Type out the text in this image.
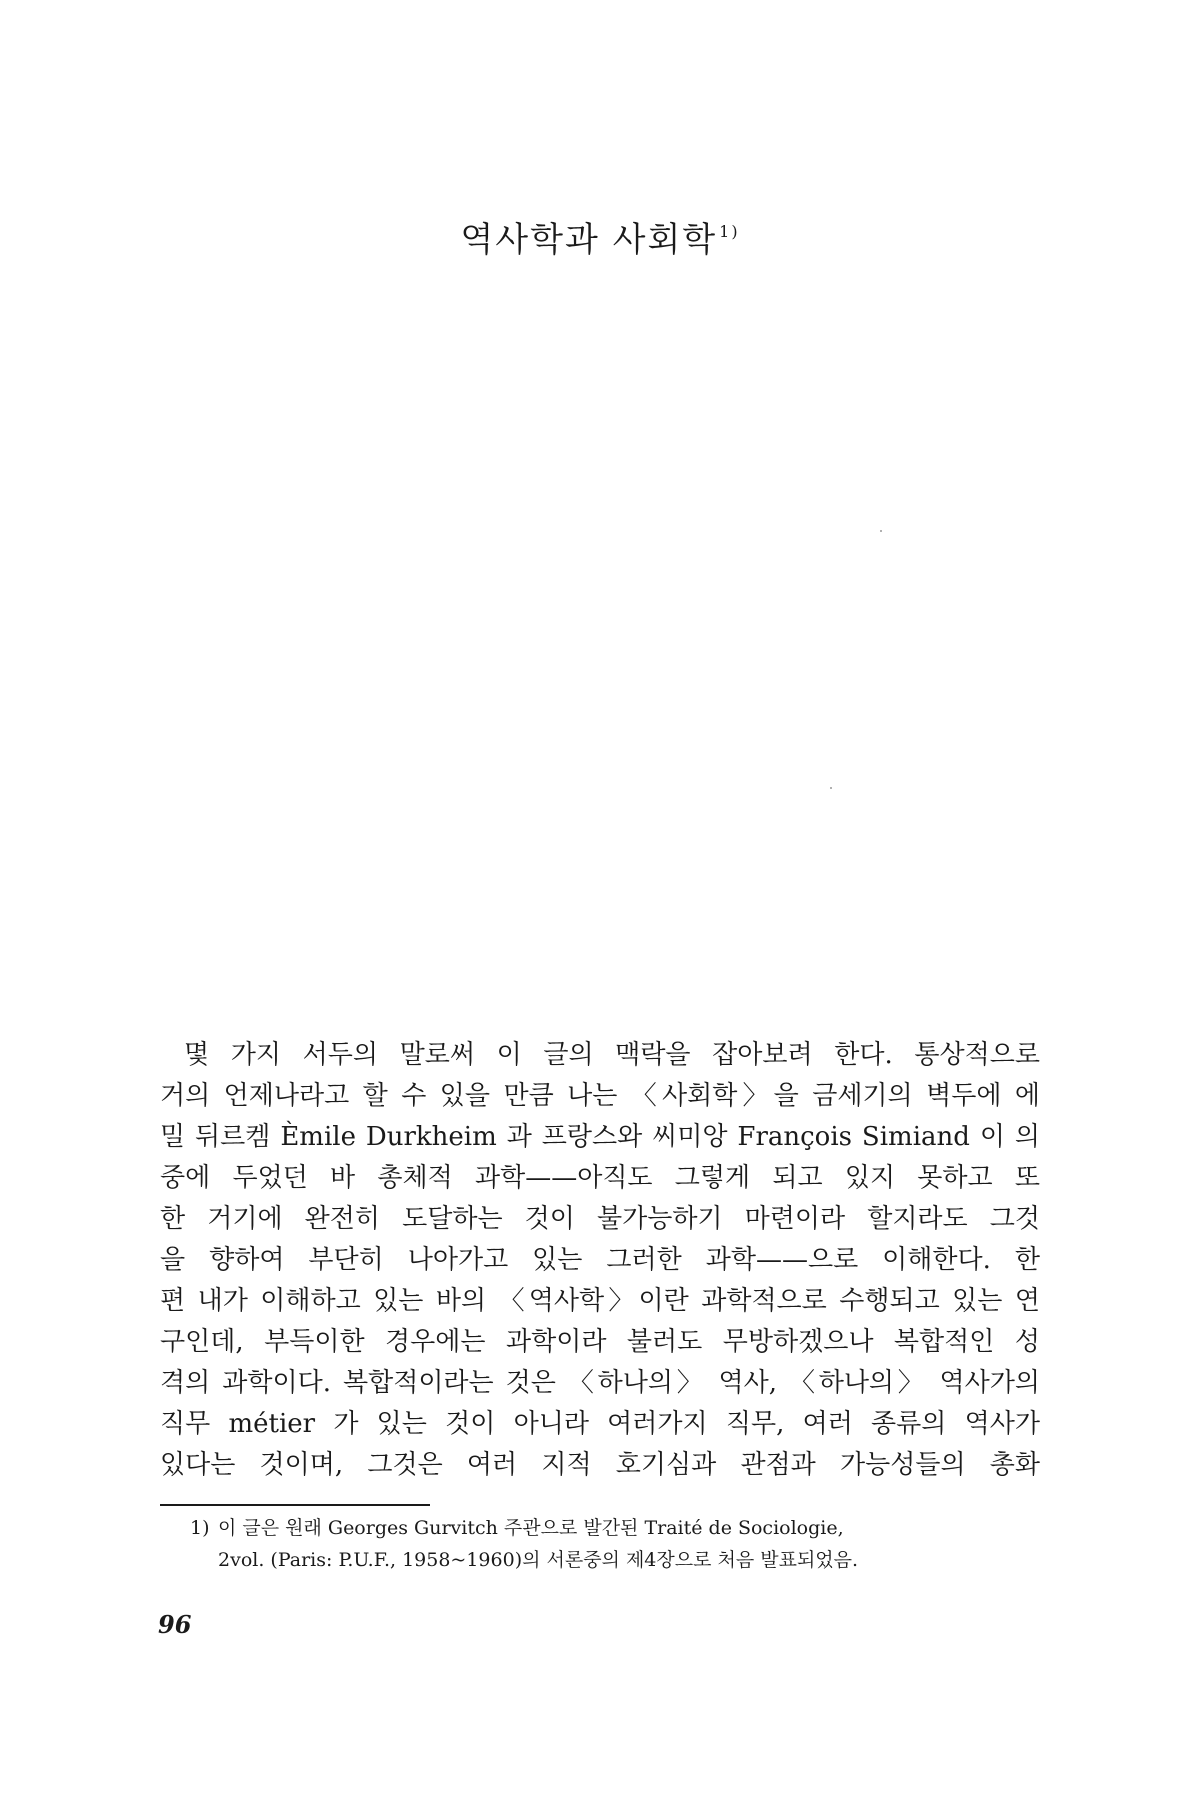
역사학과 사회학 $^{1)}$
몇 가지 서두의 말로써 이 글의 맥락을 잡아보려 한다. 통상적으로
거의 언제나라고 할 수 있을 만큼 나는 〈사회학〉을 금세기의 벽두에 에
밀 뒤르켐 Èmile Durkheim 과 프랑스와 씨미앙 François Simiand 이 의
중에 두었던 바 총체적 과학——아직도 그렇게 되고 있지 못하고 또
한 거기에 완전히 도달하는 것이 불가능하기 마련이라 할지라도 그것
을 향하여 부단히 나아가고 있는 그러한 과학——으로 이해한다. 한
편 내가 이해하고 있는 바의 〈역사학〉이란 과학적으로 수행되고 있는 연
구인데, 부득이한 경우에는 과학이라 불러도 무방하겠으나 복합적인 성
격의 과학이다. 복합적이라는 것은 〈하나의〉 역사, 〈하나의〉 역사가의
직무 métier 가 있는 것이 아니라 여러가지 직무, 여러 종류의 역사가
있다는 것이며, 그것은 여러 지적 호기심과 관점과 가능성들의 총화
1) 이 글은 원래 Georges Gurvitch 주관으로 발간된 Traité de Sociologie,
2vol. (Paris: P.U.F., 1958~1960)의 서론중의 제4장으로 처음 발표되었음.
96
